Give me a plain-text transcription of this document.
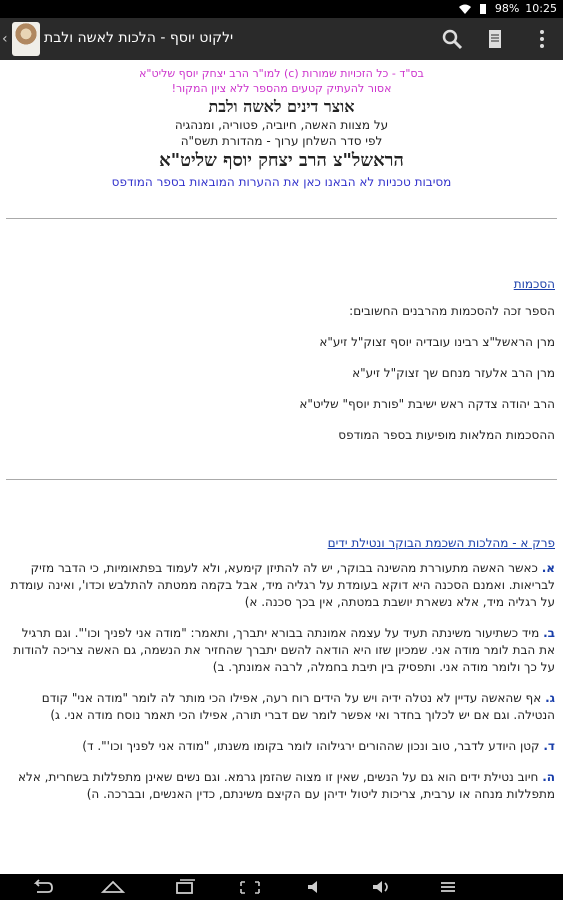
98% 10:25
‹	ילקוט יוסף - הלכות לאשה ולבת
בס"ד - כל הזכויות שמורות (c) למו"ר הרב יצחק יוסף שליט"א
אסור להעתיק קטעים מהספר ללא ציון המקור!
אוצר דינים לאשה ולבת
על מצוות האשה, חיוביה, פטוריה, ומנהגיה
לפי סדר השלחן ערוך - מהדורת תשס"ה
הראשל"צ הרב יצחק יוסף שליט"א
מסיבות טכניות לא הבאנו כאן את ההערות המובאות בספר המודפס
הסכמות

הספר זכה להסכמות מהרבנים החשובים:

מרן הראשל"צ רבינו עובדיה יוסף זצוק"ל זיע"א

מרן הרב אלעזר מנחם שך זצוק"ל זיע"א

הרב יהודה צדקה ראש ישיבת "פורת יוסף" שליט"א

ההסכמות המלאות מופיעות בספר המודפס

פרק א - מהלכות השכמת הבוקר ונטילת ידים

א. כאשר האשה מתעוררת מהשינה בבוקר, יש לה להתיזן קימעא, ולא לעמוד בפתאומיות, כי הדבר מזיק לבריאות. ואמנם הסכנה היא דוקא בעומדת על רגליה מיד, אבל בקמה ממטתה להתלבש וכדו', ואינה עומדת על רגליה מיד, אלא נשארת יושבת במטתה, אין בכך סכנה. א)

ב. מיד כשתיעור משינתה תעיד על עצמה אמונתה בבורא יתברך, ותאמר: "מודה אני לפניך וכו'". וגם תרגיל את הבת לומר מודה אני. שמכיון שזו היא הודאה להשם יתברך שהחזיר את הנשמה, גם האשה צריכה להודות על כך ולומר מודה אני. ותפסיק בין תיבת בחמלה, לרבה אמונתך. ב)

ג. אף שהאשה עדיין לא נטלה ידיה ויש על הידים רוח רעה, אפילו הכי מותר לה לומר "מודה אני" קודם הנטילה. וגם אם יש לכלוך בחדר ואי אפשר לומר שם דברי תורה, אפילו הכי תאמר נוסח מודה אני. ג)

ד. קטן היודע לדבר, טוב ונכון שההורים ירגילוהו לומר בקומו משנתו, "מודה אני לפניך וכו'". ד)

ה. חיוב נטילת ידים הוא גם על הנשים, שאין זו מצוה שהזמן גרמא. וגם נשים שאינן מתפללות בשחרית, אלא מתפללות מנחה או ערבית, צריכות ליטול ידיהן עם הקיצם משינתם, כדין האנשים, ובברכה. ה)
